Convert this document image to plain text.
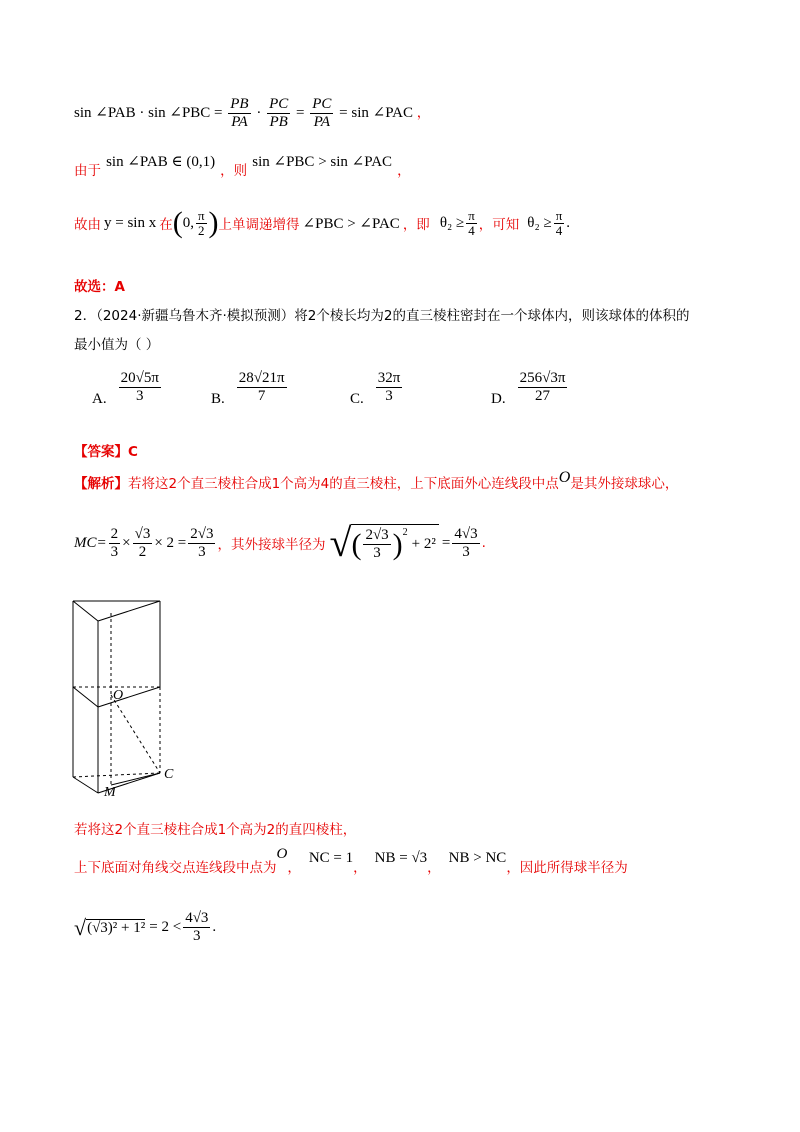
sin ∠PAB · sin ∠PBC = $\frac{PB}{PA} \cdot \frac{PC}{PB} = \frac{PC}{PA} = \sin$ ∠PAC ，
$_{由于}$ sin ∠PAB ∈ (0,1) $_{,则}$ sin ∠PBC > sin ∠PAC $_,$
故由 y = sin x 在 ( 0, $\frac{\pi}{2}$ ) 上单调递增得 ∠PBC > ∠PAC ，即 $\theta_2 \ge \frac{\pi}{4}$ ，可知 $\theta_2 \ge \frac{\pi}{4}$ .
故选：A
2．（2024·新疆乌鲁木齐·模拟预测）将2个棱长均为2的直三棱柱密封在一个球体内，则该球体的体积的
最小值为（ ）
A. $\frac{20√5\pi}{3}$	B. $\frac{28√21\pi}{7}$	C. $\frac{32\pi}{3}$	D. $\frac{256√3\pi}{27}$
【答案】C
【解析】若将这2个直三棱柱合成1个高为4的直三棱柱，上下底面外心连线段中点O是其外接球球心，
$MC= \frac{2}{3} \times \frac{√3}{2} \times 2 = \frac{2√3}{3}$ ，其外接球半径为 √ ( $\frac{2√3}{3} )^2$
+ $2^2 = \frac{4√3}{3}$ .
O
C
M
若将这2个直三棱柱合成1个高为2的直四棱柱，
上下底面对角线交点连线段中点为
O
，
NC = 1
，
NB = √3
，
NB > NC
，因此所得球半径为
√ $(√3)^2 + 1^2 = 2 < \frac{4√3}{3}$ .
